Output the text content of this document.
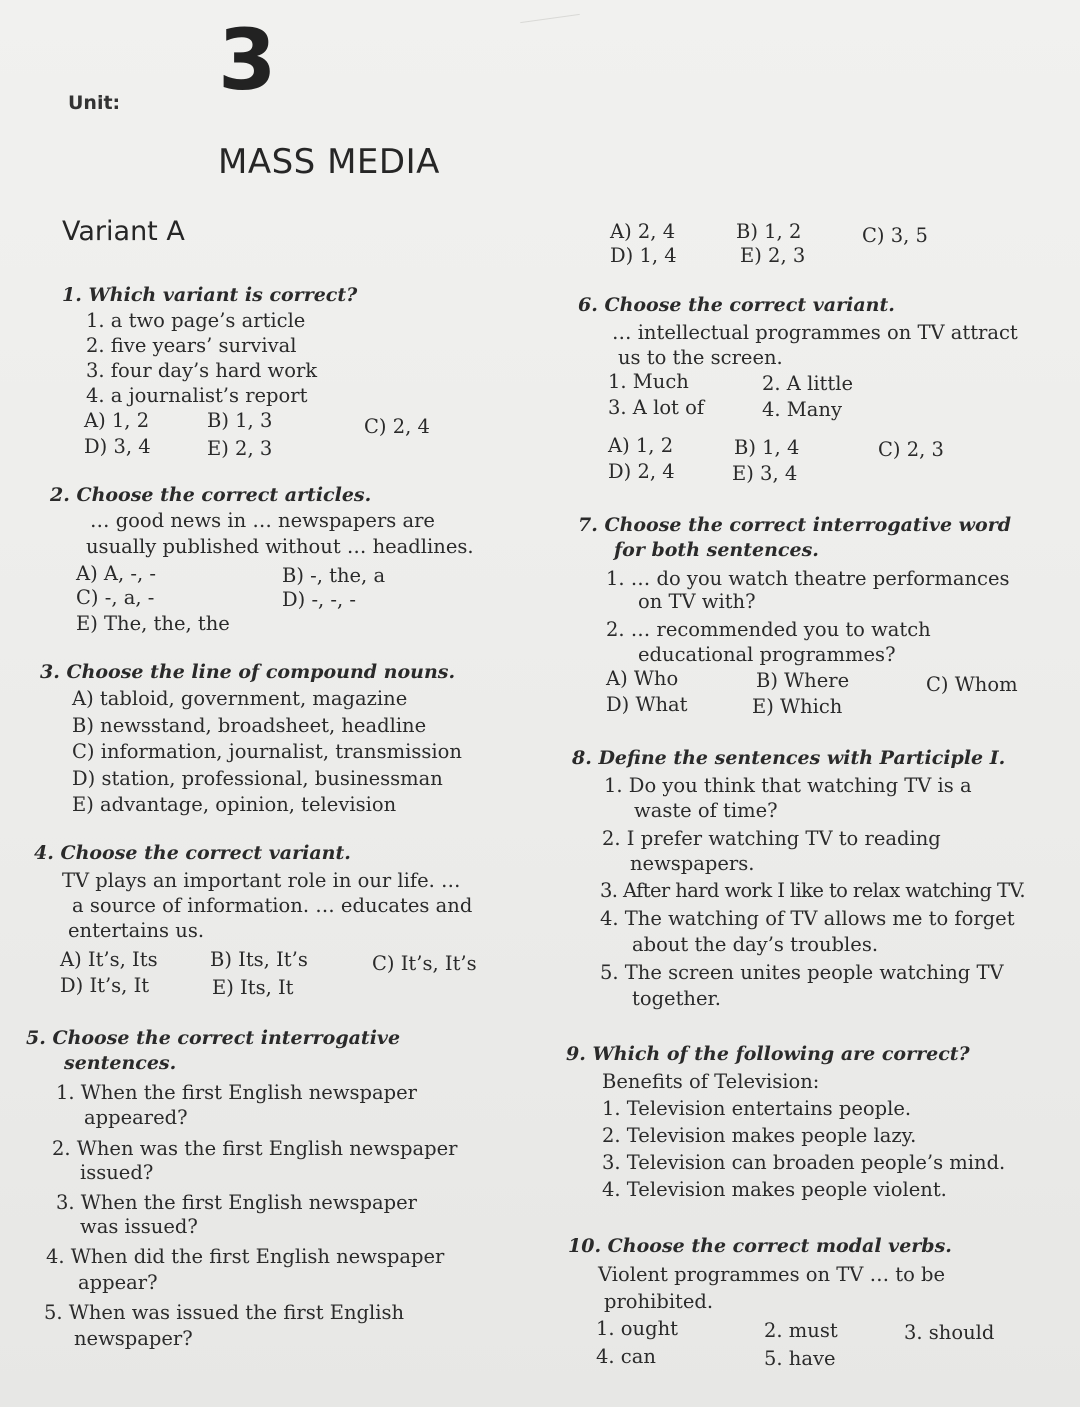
Unit: 3
MASS MEDIA
Variant A
1. Which variant is correct?
1. a two page’s article
2. five years’ survival
3. four day’s hard work
4. a journalist’s report
A) 1, 2	B) 1, 3	C) 2, 4
D) 3, 4	E) 2, 3
2. Choose the correct articles.
… good news in … newspapers are
usually published without … headlines.
A) A, -, -	B) -, the, a
C) -, a, -	D) -, -, -
E) The, the, the
3. Choose the line of compound nouns.
A) tabloid, government, magazine
B) newsstand, broadsheet, headline
C) information, journalist, transmission
D) station, professional, businessman
E) advantage, opinion, television
4. Choose the correct variant.
TV plays an important role in our life. …
a source of information. … educates and
entertains us.
A) It’s, Its	B) Its, It’s	C) It’s, It’s
D) It’s, It	E) Its, It
5. Choose the correct interrogative
sentences.
1. When the first English newspaper
appeared?
2. When was the first English newspaper
issued?
3. When the first English newspaper
was issued?
4. When did the first English newspaper
appear?
5. When was issued the first English
newspaper?
A) 2, 4	B) 1, 2	C) 3, 5
D) 1, 4	E) 2, 3
6. Choose the correct variant.
… intellectual programmes on TV attract
us to the screen.
1. Much	2. A little
3. A lot of	4. Many
A) 1, 2	B) 1, 4	C) 2, 3
D) 2, 4	E) 3, 4
7. Choose the correct interrogative word
for both sentences.
1. … do you watch theatre performances
on TV with?
2. … recommended you to watch
educational programmes?
A) Who	B) Where	C) Whom
D) What	E) Which
8. Define the sentences with Participle I.
1. Do you think that watching TV is a
waste of time?
2. I prefer watching TV to reading
newspapers.
3. After hard work I like to relax watching TV.
4. The watching of TV allows me to forget
about the day’s troubles.
5. The screen unites people watching TV
together.
9. Which of the following are correct?
Benefits of Television:
1. Television entertains people.
2. Television makes people lazy.
3. Television can broaden people’s mind.
4. Television makes people violent.
10. Choose the correct modal verbs.
Violent programmes on TV … to be
prohibited.
1. ought	2. must	3. should
4. can	5. have
